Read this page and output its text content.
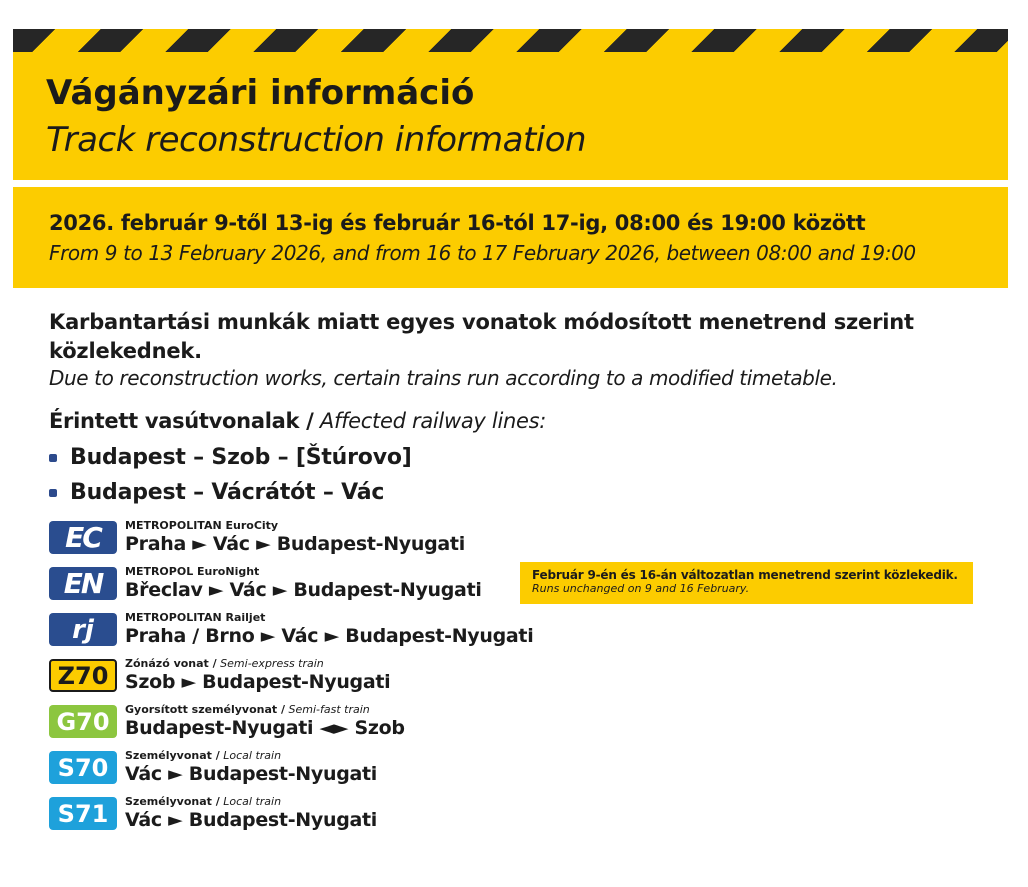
Vágányzári információ
Track reconstruction information
2026. február 9-től 13-ig és február 16-tól 17-ig, 08:00 és 19:00 között
From 9 to 13 February 2026, and from 16 to 17 February 2026, between 08:00 and 19:00
Karbantartási munkák miatt egyes vonatok módosított menetrend szerint közlekednek.
Due to reconstruction works, certain trains run according to a modified timetable.
Érintett vasútvonalak / Affected railway lines:
Budapest – Szob – [Štúrovo]
Budapest – Vácrátót – Vác
EC	METROPOLITAN EuroCity
Praha ► Vác ► Budapest-Nyugati
EN	METROPOL EuroNight
Břeclav ► Vác ► Budapest-Nyugati
rj	METROPOLITAN Railjet
Praha / Brno ► Vác ► Budapest-Nyugati
Z70	Zónázó vonat / Semi-express train
Szob ► Budapest-Nyugati
G70	Gyorsított személyvonat / Semi-fast train
Budapest-Nyugati ◄► Szob
S70	Személyvonat / Local train
Vác ► Budapest-Nyugati
S71	Személyvonat / Local train
Vác ► Budapest-Nyugati
Február 9-én és 16-án változatlan menetrend szerint közlekedik.
Runs unchanged on 9 and 16 February.
